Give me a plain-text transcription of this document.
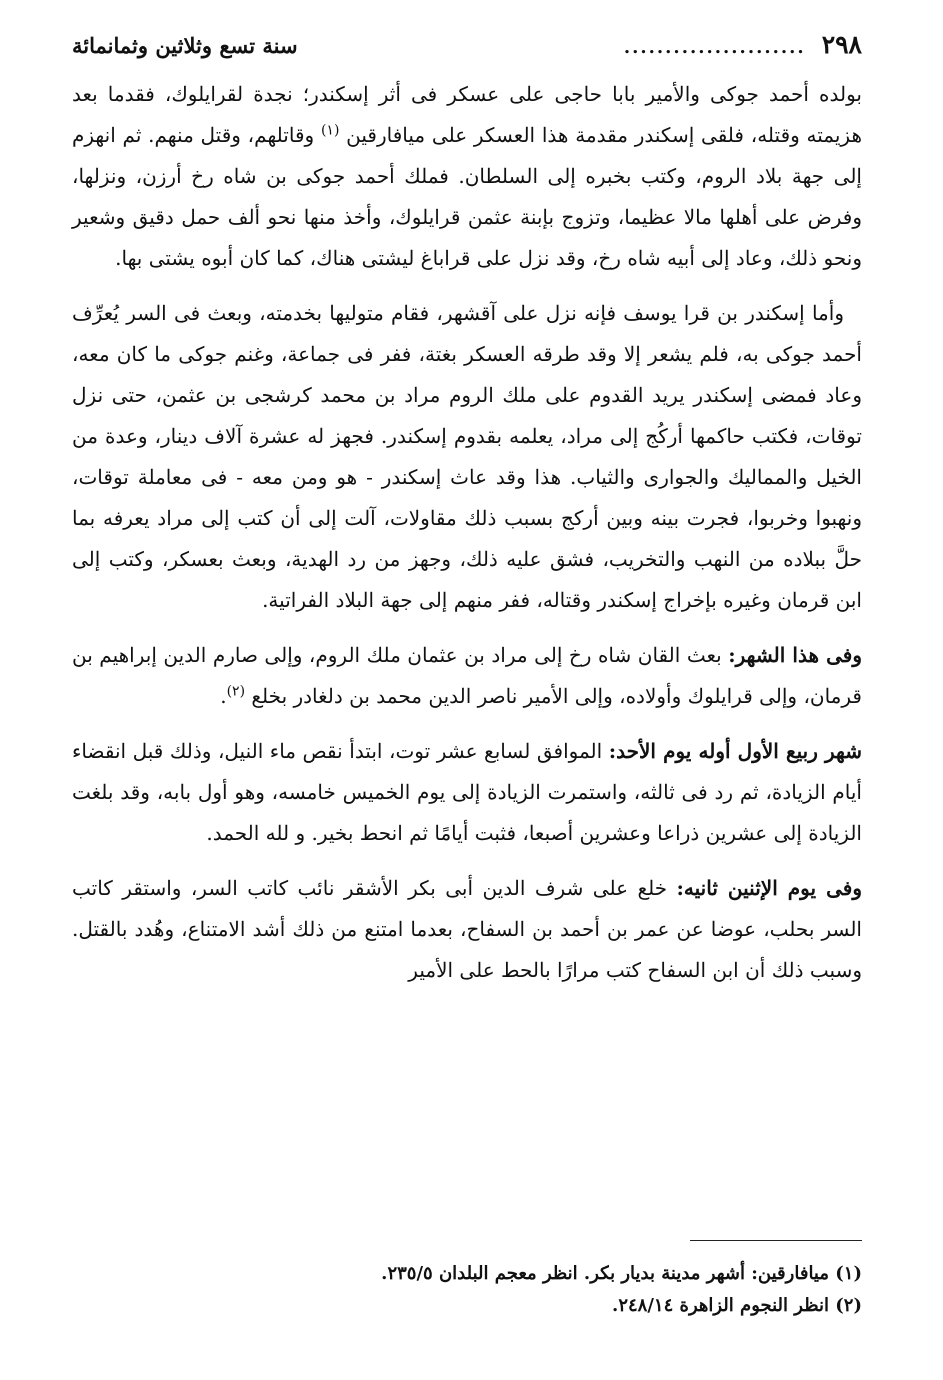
٢٩٨
......................
سنة تسع وثلاثين وثمانمائة

بولده أحمد جوكى والأمير بابا حاجى على عسكر فى أثر إسكندر؛ نجدة لقرايلوك، فقدما بعد هزيمته وقتله، فلقى إسكندر مقدمة هذا العسكر على ميافارقين $^{(١)}$ وقاتلهم، وقتل منهم. ثم انهزم إلى جهة بلاد الروم، وكتب بخبره إلى السلطان. فملك أحمد جوكى بن شاه رخ أرزن، ونزلها، وفرض على أهلها مالا عظيما، وتزوج بإبنة عثمن قرايلوك، وأخذ منها نحو ألف حمل دقيق وشعير ونحو ذلك، وعاد إلى أبيه شاه رخ، وقد نزل على قراباغ ليشتى هناك، كما كان أبوه يشتى بها.

وأما إسكندر بن قرا يوسف فإنه نزل على آقشهر، فقام متوليها بخدمته، وبعث فى السر يُعرِّف أحمد جوكى به، فلم يشعر إلا وقد طرقه العسكر بغتة، ففر فى جماعة، وغنم جوكى ما كان معه، وعاد فمضى إسكندر يريد القدوم على ملك الروم مراد بن محمد كرشجى بن عثمن، حتى نزل توقات، فكتب حاكمها أركُج إلى مراد، يعلمه بقدوم إسكندر. فجهز له عشرة آلاف دينار، وعدة من الخيل والمماليك والجوارى والثياب. هذا وقد عاث إسكندر - هو ومن معه - فى معاملة توقات، ونهبوا وخربوا، فجرت بينه وبين أركج بسبب ذلك مقاولات، آلت إلى أن كتب إلى مراد يعرفه بما حلَّ ببلاده من النهب والتخريب، فشق عليه ذلك، وجهز من رد الهدية، وبعث بعسكر، وكتب إلى ابن قرمان وغيره بإخراج إسكندر وقتاله، ففر منهم إلى جهة البلاد الفراتية.

وفى هذا الشهر: بعث القان شاه رخ إلى مراد بن عثمان ملك الروم، وإلى صارم الدين إبراهيم بن قرمان، وإلى قرايلوك وأولاده، وإلى الأمير ناصر الدين محمد بن دلغادر بخلع $^{(٢)}$.

شهر ربيع الأول أوله يوم الأحد: الموافق لسابع عشر توت، ابتدأ نقص ماء النيل، وذلك قبل انقضاء أيام الزيادة، ثم رد فى ثالثه، واستمرت الزيادة إلى يوم الخميس خامسه، وهو أول بابه، وقد بلغت الزيادة إلى عشرين ذراعا وعشرين أصبعا، فثبت أيامًا ثم انحط بخير. و لله الحمد.

وفى يوم الإثنين ثانيه: خلع على شرف الدين أبى بكر الأشقر نائب كاتب السر، واستقر كاتب السر بحلب، عوضا عن عمر بن أحمد بن السفاح، بعدما امتنع من ذلك أشد الامتناع، وهُدد بالقتل. وسبب ذلك أن ابن السفاح كتب مرارًا بالحط على الأمير

(١) ميافارقين: أشهر مدينة بديار بكر. انظر معجم البلدان ٢٣٥/٥.

(٢) انظر النجوم الزاهرة ٢٤٨/١٤.
